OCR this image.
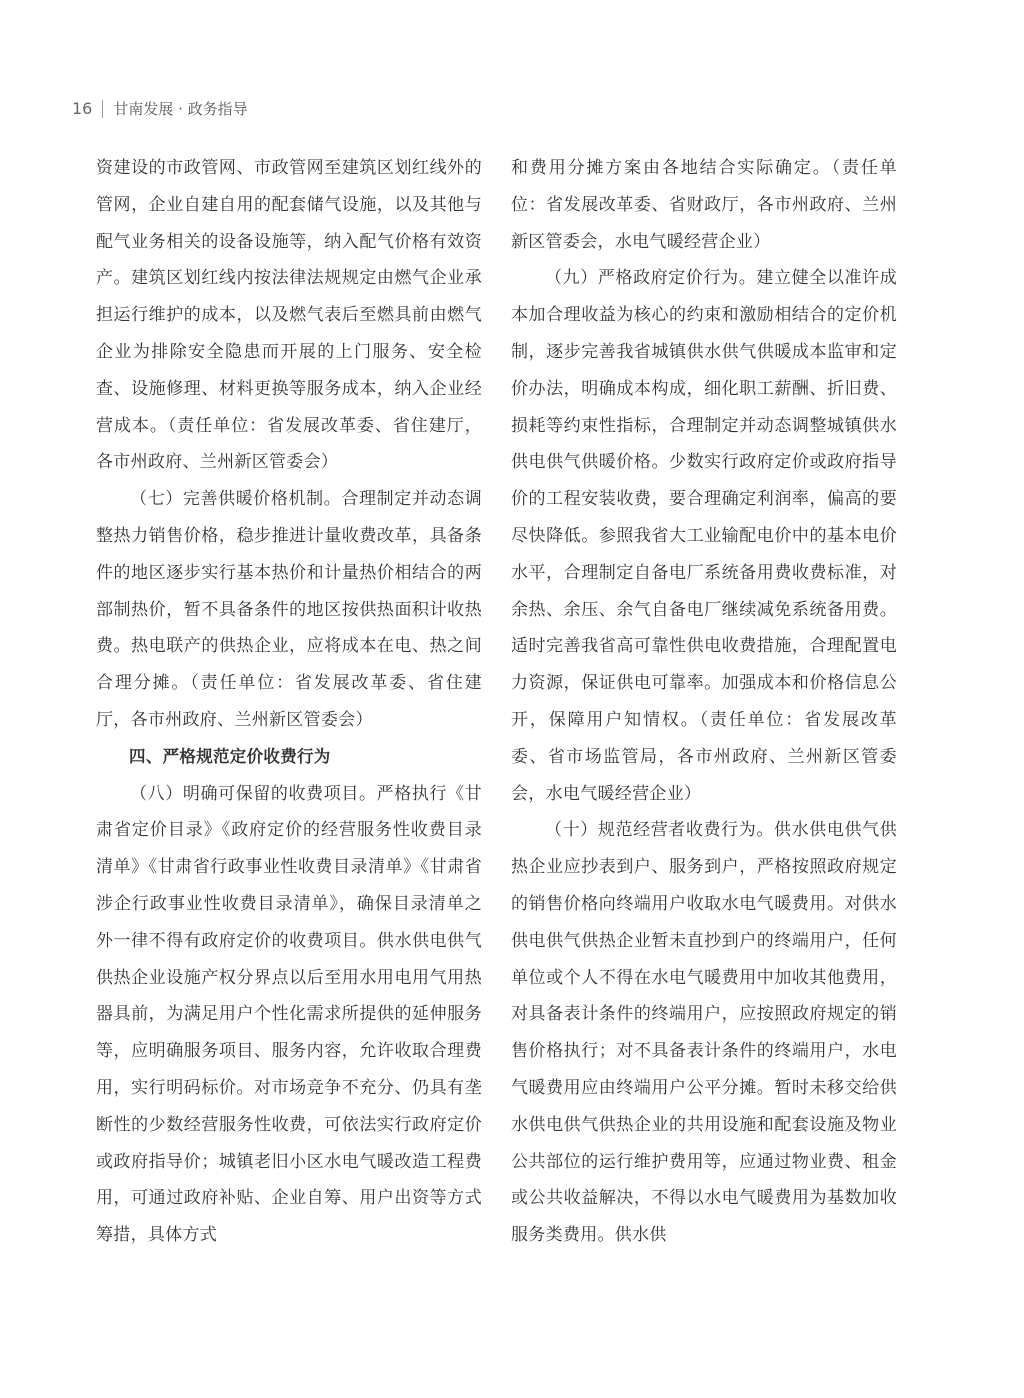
16 甘南发展 · 政务指导

资建设的市政管网、市政管网至建筑区划红线外的管网，企业自建自用的配套储气设施，以及其他与配气业务相关的设备设施等，纳入配气价格有效资产。建筑区划红线内按法律法规规定由燃气企业承担运行维护的成本，以及燃气表后至燃具前由燃气企业为排除安全隐患而开展的上门服务、安全检查、设施修理、材料更换等服务成本，纳入企业经营成本。（责任单位：省发展改革委、省住建厅，各市州政府、兰州新区管委会）

（七）完善供暖价格机制。合理制定并动态调整热力销售价格，稳步推进计量收费改革，具备条件的地区逐步实行基本热价和计量热价相结合的两部制热价，暂不具备条件的地区按供热面积计收热费。热电联产的供热企业，应将成本在电、热之间合理分摊。（责任单位：省发展改革委、省住建厅，各市州政府、兰州新区管委会）

四、严格规范定价收费行为

（八）明确可保留的收费项目。严格执行《甘肃省定价目录》《政府定价的经营服务性收费目录清单》《甘肃省行政事业性收费目录清单》《甘肃省涉企行政事业性收费目录清单》，确保目录清单之外一律不得有政府定价的收费项目。供水供电供气供热企业设施产权分界点以后至用水用电用气用热器具前，为满足用户个性化需求所提供的延伸服务等，应明确服务项目、服务内容，允许收取合理费用，实行明码标价。对市场竞争不充分、仍具有垄断性的少数经营服务性收费，可依法实行政府定价或政府指导价；城镇老旧小区水电气暖改造工程费用，可通过政府补贴、企业自筹、用户出资等方式筹措，具体方式

和费用分摊方案由各地结合实际确定。（责任单位：省发展改革委、省财政厅，各市州政府、兰州新区管委会，水电气暖经营企业）

（九）严格政府定价行为。建立健全以准许成本加合理收益为核心的约束和激励相结合的定价机制，逐步完善我省城镇供水供气供暖成本监审和定价办法，明确成本构成，细化职工薪酬、折旧费、损耗等约束性指标，合理制定并动态调整城镇供水供电供气供暖价格。少数实行政府定价或政府指导价的工程安装收费，要合理确定利润率，偏高的要尽快降低。参照我省大工业输配电价中的基本电价水平，合理制定自备电厂系统备用费收费标准，对余热、余压、余气自备电厂继续减免系统备用费。适时完善我省高可靠性供电收费措施，合理配置电力资源，保证供电可靠率。加强成本和价格信息公开，保障用户知情权。（责任单位：省发展改革委、省市场监管局，各市州政府、兰州新区管委会，水电气暖经营企业）

（十）规范经营者收费行为。供水供电供气供热企业应抄表到户、服务到户，严格按照政府规定的销售价格向终端用户收取水电气暖费用。对供水供电供气供热企业暂未直抄到户的终端用户，任何单位或个人不得在水电气暖费用中加收其他费用，对具备表计条件的终端用户，应按照政府规定的销售价格执行；对不具备表计条件的终端用户，水电气暖费用应由终端用户公平分摊。暂时未移交给供水供电供气供热企业的共用设施和配套设施及物业公共部位的运行维护费用等，应通过物业费、租金或公共收益解决，不得以水电气暖费用为基数加收服务类费用。供水供
